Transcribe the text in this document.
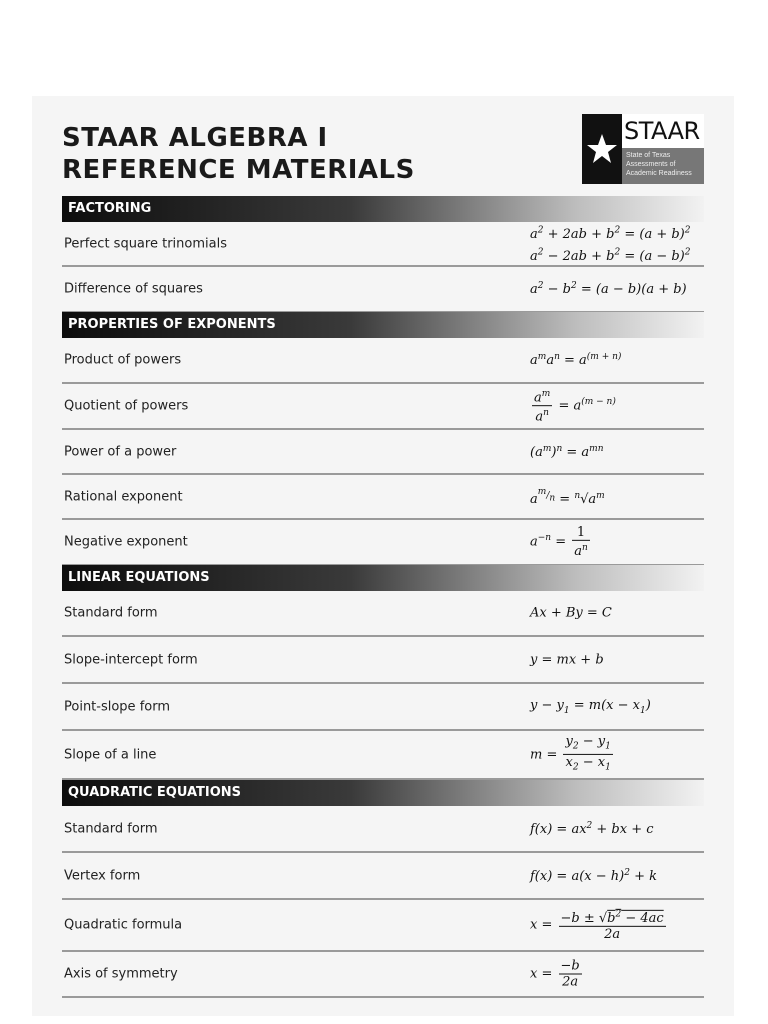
STAAR ALGEBRA I
REFERENCE MATERIALS
STAAR
State of Texas
Assessments of
Academic Readiness
FACTORING
Perfect square trinomials
$a^2 + 2ab + b^2 = (a + b)^2$
$a^2 - 2ab + b^2 = (a - b)^2$
Difference of squares	$a^2 - b^2 = (a - b)(a + b)$
PROPERTIES OF EXPONENTS
Product of powers	$a^ma^n = a^{(m + n)}$
Quotient of powers	$\frac{a^m}{a^n} = a^{(m - n)}$
Power of a power	$(a^m)^n = a^{mn}$
Rational exponent	$a^{^m/_n} = ^n√a^m$
Negative exponent	$a^{-n} = \frac{1}{a^n}$
LINEAR EQUATIONS
Standard form	Ax + By = C
Slope-intercept form	y = mx + b
Point-slope form	$y - y_1 = m(x - x_1)$
Slope of a line	$m = \frac{y_2 - y_1}{x_2 - x_1}$
QUADRATIC EQUATIONS
Standard form	$f(x) = ax^2$ + bx + c
Vertex form	$f(x) = a(x - h)^2 + k$
Quadratic formula	$x = \frac{-b \pm √b^2 - 4ac}{2a}$
Axis of symmetry	$x = \frac{-b}{2a}$
